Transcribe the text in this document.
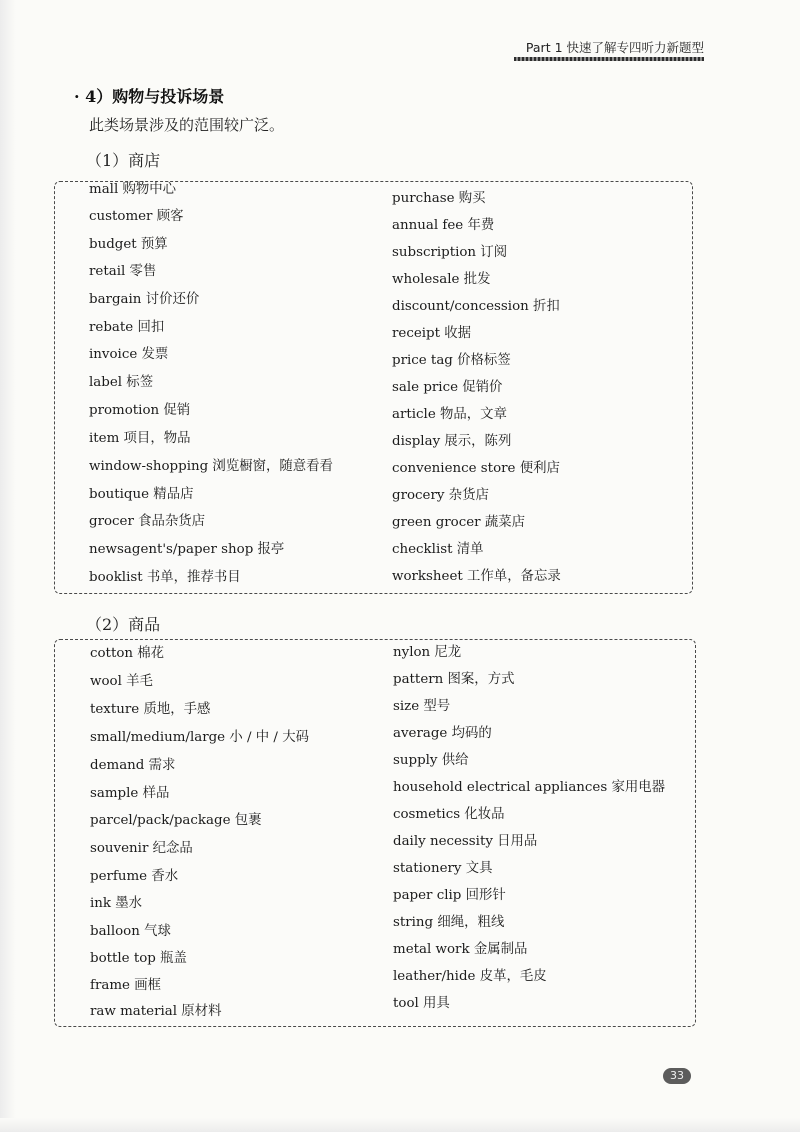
Part 1 快速了解专四听力新题型
· 4）购物与投诉场景
此类场景涉及的范围较广泛。
（1）商店
mall 购物中心
customer 顾客
budget 预算
retail 零售
bargain 讨价还价
rebate 回扣
invoice 发票
label 标签
promotion 促销
item 项目，物品
window-shopping 浏览橱窗，随意看看
boutique 精品店
grocer 食品杂货店
newsagent's/paper shop 报亭
booklist 书单，推荐书目
purchase 购买
annual fee 年费
subscription 订阅
wholesale 批发
discount/concession 折扣
receipt 收据
price tag 价格标签
sale price 促销价
article 物品，文章
display 展示，陈列
convenience store 便利店
grocery 杂货店
green grocer 蔬菜店
checklist 清单
worksheet 工作单，备忘录
（2）商品
cotton 棉花
wool 羊毛
texture 质地，手感
small/medium/large 小 / 中 / 大码
demand 需求
sample 样品
parcel/pack/package 包裹
souvenir 纪念品
perfume 香水
ink 墨水
balloon 气球
bottle top 瓶盖
frame 画框
raw material 原材料
nylon 尼龙
pattern 图案，方式
size 型号
average 均码的
supply 供给
household electrical appliances 家用电器
cosmetics 化妆品
daily necessity 日用品
stationery 文具
paper clip 回形针
string 细绳，粗线
metal work 金属制品
leather/hide 皮革，毛皮
tool 用具
33
